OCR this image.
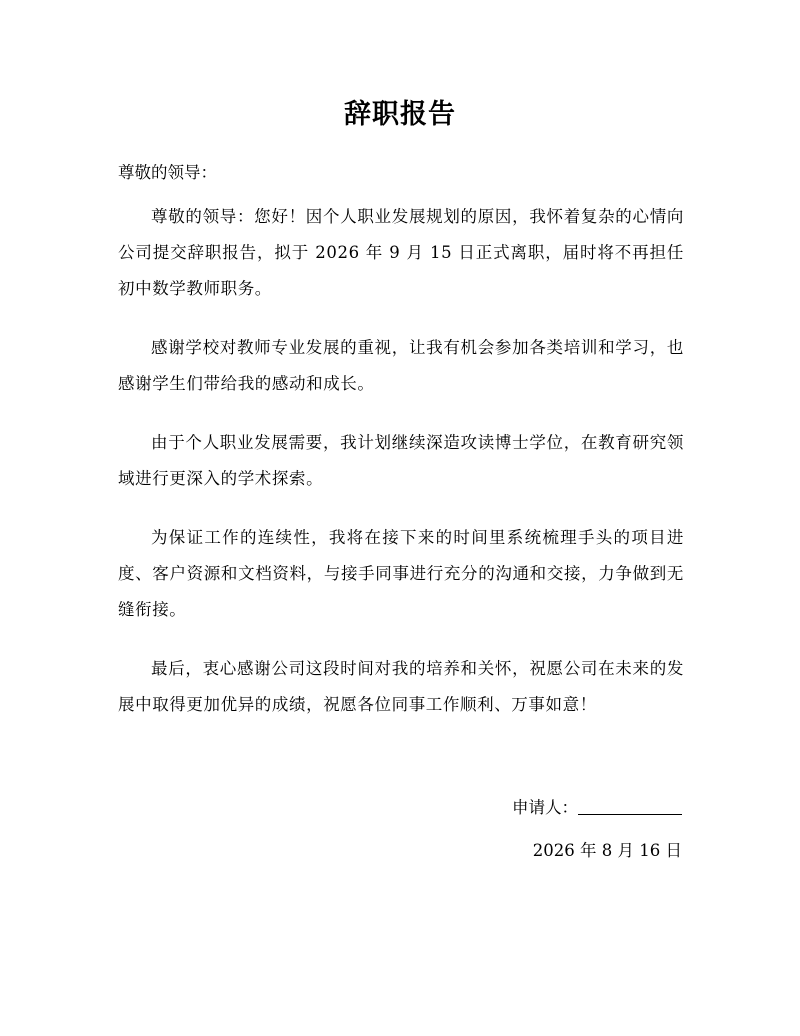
辞职报告
尊敬的领导：

尊敬的领导：您好！因个人职业发展规划的原因，我怀着复杂的心情向公司提交辞职报告，拟于 2026 年 9 月 15 日正式离职，届时将不再担任初中数学教师职务。

感谢学校对教师专业发展的重视，让我有机会参加各类培训和学习，也感谢学生们带给我的感动和成长。

由于个人职业发展需要，我计划继续深造攻读博士学位，在教育研究领域进行更深入的学术探索。

为保证工作的连续性，我将在接下来的时间里系统梳理手头的项目进度、客户资源和文档资料，与接手同事进行充分的沟通和交接，力争做到无缝衔接。

最后，衷心感谢公司这段时间对我的培养和关怀，祝愿公司在未来的发展中取得更加优异的成绩，祝愿各位同事工作顺利、万事如意！

申请人：
2026 年 8 月 16 日
